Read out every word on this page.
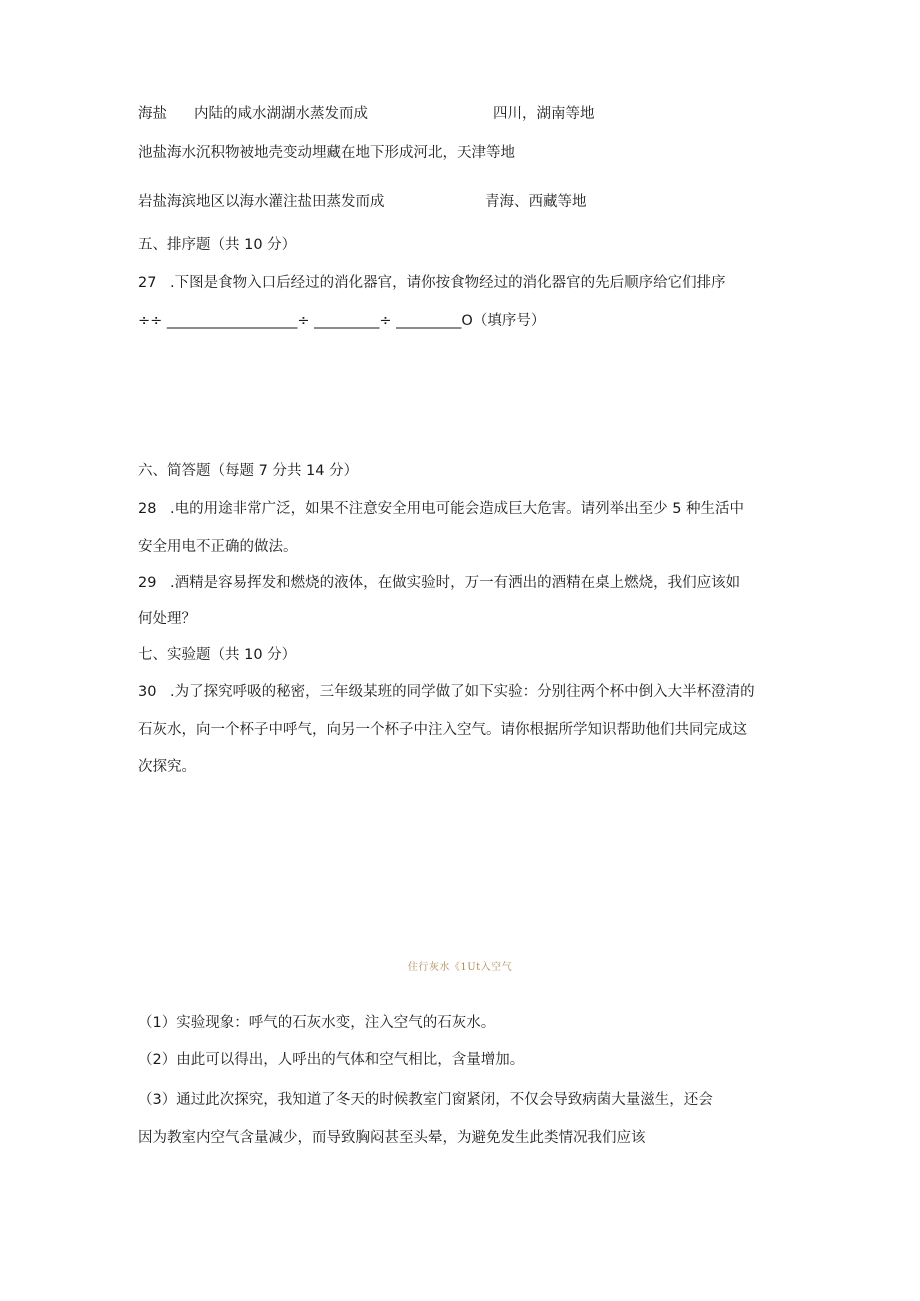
海盐 内陆的咸水湖湖水蒸发而成	四川，湖南等地
池盐海水沉积物被地壳变动埋藏在地下形成河北，天津等地
岩盐海滨地区以海水灌注盐田蒸发而成	青海、西藏等地
五、排序题（共 10 分）
27 .下图是食物入口后经过的消化器官，请你按食物经过的消化器官的先后顺序给它们排序
÷÷ __________________÷ _________÷ _________O（填序号）
六、简答题（每题 7 分共 14 分）
28 .电的用途非常广泛，如果不注意安全用电可能会造成巨大危害。请列举出至少 5 种生活中
安全用电不正确的做法。
29 .酒精是容易挥发和燃烧的液体，在做实验时，万一有洒出的酒精在桌上燃烧，我们应该如
何处理？
七、实验题（共 10 分）
30 .为了探究呼吸的秘密，三年级某班的同学做了如下实验：分别往两个杯中倒入大半杯澄清的
石灰水，向一个杯子中呼气，向另一个杯子中注入空气。请你根据所学知识帮助他们共同完成这
次探究。
住行灰水《1Ut入空气
（1）实验现象：呼气的石灰水变，注入空气的石灰水。
（2）由此可以得出，人呼出的气体和空气相比，含量增加。
（3）通过此次探究，我知道了冬天的时候教室门窗紧闭，不仅会导致病菌大量滋生，还会
因为教室内空气含量减少，而导致胸闷甚至头晕，为避免发生此类情况我们应该
